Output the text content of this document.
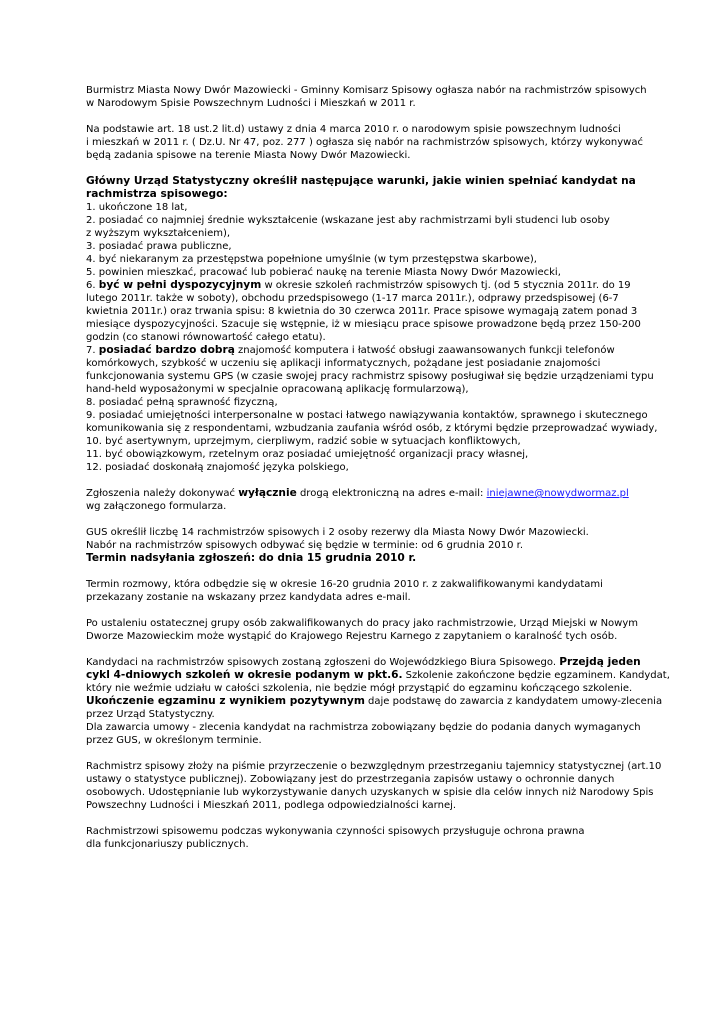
Burmistrz Miasta Nowy Dwór Mazowiecki - Gminny Komisarz Spisowy ogłasza nabór na rachmistrzów spisowych
w Narodowym Spisie Powszechnym Ludności i Mieszkań w 2011 r.

Na podstawie art. 18 ust.2 lit.d) ustawy z dnia 4 marca 2010 r. o narodowym spisie powszechnym ludności
i mieszkań w 2011 r. ( Dz.U. Nr 47, poz. 277 ) ogłasza się nabór na rachmistrzów spisowych, którzy wykonywać
będą zadania spisowe na terenie Miasta Nowy Dwór Mazowiecki.

Główny Urząd Statystyczny określił następujące warunki, jakie winien spełniać kandydat na
rachmistrza spisowego:
1. ukończone 18 lat,
2. posiadać co najmniej średnie wykształcenie (wskazane jest aby rachmistrzami byli studenci lub osoby
z wyższym wykształceniem),
3. posiadać prawa publiczne,
4. być niekaranym za przestępstwa popełnione umyślnie (w tym przestępstwa skarbowe),
5. powinien mieszkać, pracować lub pobierać naukę na terenie Miasta Nowy Dwór Mazowiecki,
6. być w pełni dyspozycyjnym w okresie szkoleń rachmistrzów spisowych tj. (od 5 stycznia 2011r. do 19
lutego 2011r. także w soboty), obchodu przedspisowego (1-17 marca 2011r.), odprawy przedspisowej (6-7
kwietnia 2011r.) oraz trwania spisu: 8 kwietnia do 30 czerwca 2011r. Prace spisowe wymagają zatem ponad 3
miesiące dyspozycyjności. Szacuje się wstępnie, iż w miesiącu prace spisowe prowadzone będą przez 150-200
godzin (co stanowi równowartość całego etatu).
7. posiadać bardzo dobrą znajomość komputera i łatwość obsługi zaawansowanych funkcji telefonów
komórkowych, szybkość w uczeniu się aplikacji informatycznych, pożądane jest posiadanie znajomości
funkcjonowania systemu GPS (w czasie swojej pracy rachmistrz spisowy posługiwał się będzie urządzeniami typu
hand-held wyposażonymi w specjalnie opracowaną aplikację formularzową),
8. posiadać pełną sprawność fizyczną,
9. posiadać umiejętności interpersonalne w postaci łatwego nawiązywania kontaktów, sprawnego i skutecznego
komunikowania się z respondentami, wzbudzania zaufania wśród osób, z którymi będzie przeprowadzać wywiady,
10. być asertywnym, uprzejmym, cierpliwym, radzić sobie w sytuacjach konfliktowych,
11. być obowiązkowym, rzetelnym oraz posiadać umiejętność organizacji pracy własnej,
12. posiadać doskonałą znajomość języka polskiego,

Zgłoszenia należy dokonywać wyłącznie drogą elektroniczną na adres e-mail: iniejawne@nowydwormaz.pl
wg załączonego formularza.

GUS określił liczbę 14 rachmistrzów spisowych i 2 osoby rezerwy dla Miasta Nowy Dwór Mazowiecki.
Nabór na rachmistrzów spisowych odbywać się będzie w terminie: od 6 grudnia 2010 r.
Termin nadsyłania zgłoszeń: do dnia 15 grudnia 2010 r.

Termin rozmowy, która odbędzie się w okresie 16-20 grudnia 2010 r. z zakwalifikowanymi kandydatami
przekazany zostanie na wskazany przez kandydata adres e-mail.

Po ustaleniu ostatecznej grupy osób zakwalifikowanych do pracy jako rachmistrzowie, Urząd Miejski w Nowym
Dworze Mazowieckim może wystąpić do Krajowego Rejestru Karnego z zapytaniem o karalność tych osób.

Kandydaci na rachmistrzów spisowych zostaną zgłoszeni do Wojewódzkiego Biura Spisowego. Przejdą jeden
cykl 4-dniowych szkoleń w okresie podanym w pkt.6. Szkolenie zakończone będzie egzaminem. Kandydat,
który nie weźmie udziału w całości szkolenia, nie będzie mógł przystąpić do egzaminu kończącego szkolenie.
Ukończenie egzaminu z wynikiem pozytywnym daje podstawę do zawarcia z kandydatem umowy-zlecenia
przez Urząd Statystyczny.
Dla zawarcia umowy - zlecenia kandydat na rachmistrza zobowiązany będzie do podania danych wymaganych
przez GUS, w określonym terminie.

Rachmistrz spisowy złoży na piśmie przyrzeczenie o bezwzględnym przestrzeganiu tajemnicy statystycznej (art.10
ustawy o statystyce publicznej). Zobowiązany jest do przestrzegania zapisów ustawy o ochronnie danych
osobowych. Udostępnianie lub wykorzystywanie danych uzyskanych w spisie dla celów innych niż Narodowy Spis
Powszechny Ludności i Mieszkań 2011, podlega odpowiedzialności karnej.

Rachmistrzowi spisowemu podczas wykonywania czynności spisowych przysługuje ochrona prawna
dla funkcjonariuszy publicznych.
